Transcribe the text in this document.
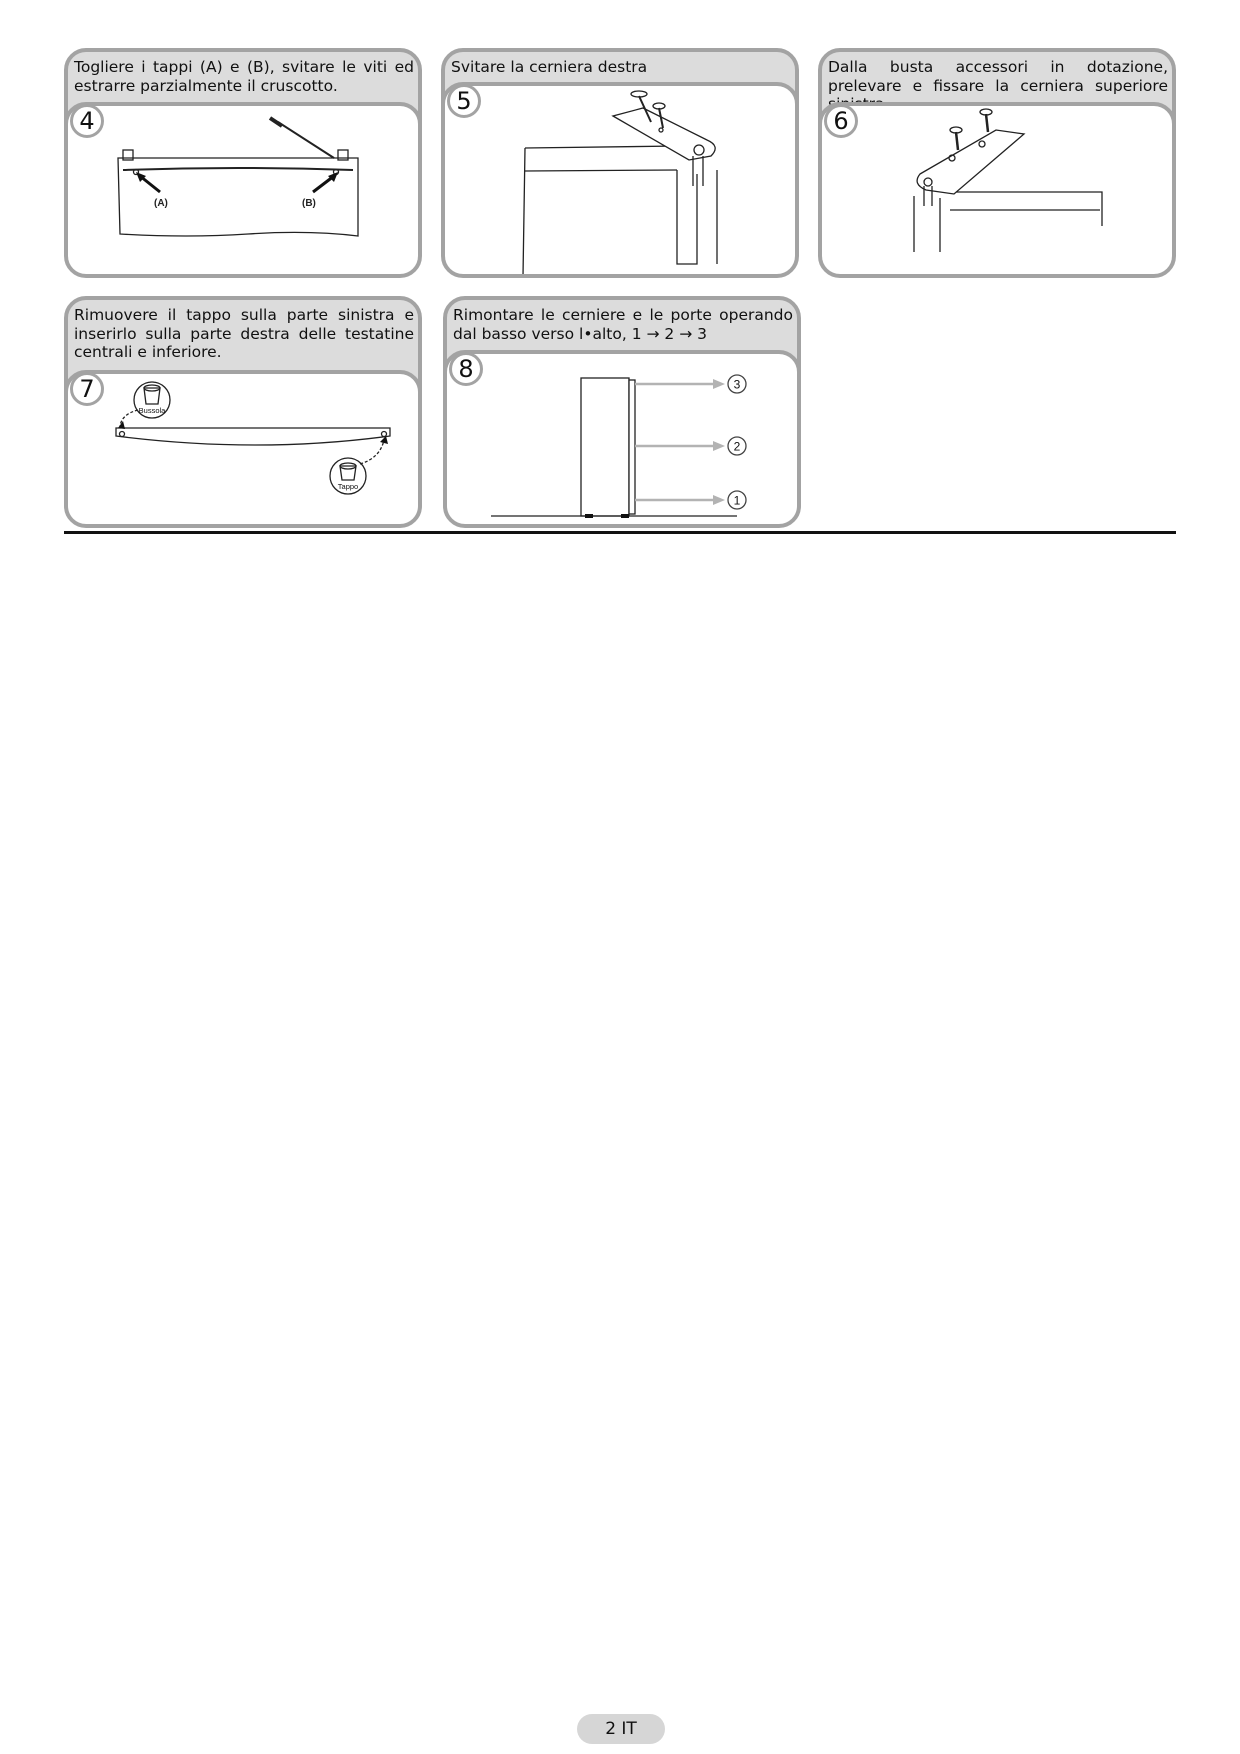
Togliere i tappi (A) e (B), svitare le viti ed estrarre parzialmente il cruscotto.
4
(A)	(B)
Svitare la cerniera destra
5
Dalla busta accessori in dotazione, prelevare e fissare la cerniera superiore
6
Rimuovere il tappo sulla parte sinistra e inserirlo sulla parte destra delle testatine centrali e inferiore.
7
Bussola
Tappo
Rimontare le cerniere e le porte operando dal basso verso l•alto, 1 → 2 → 3
8
3
2
1
2 IT
